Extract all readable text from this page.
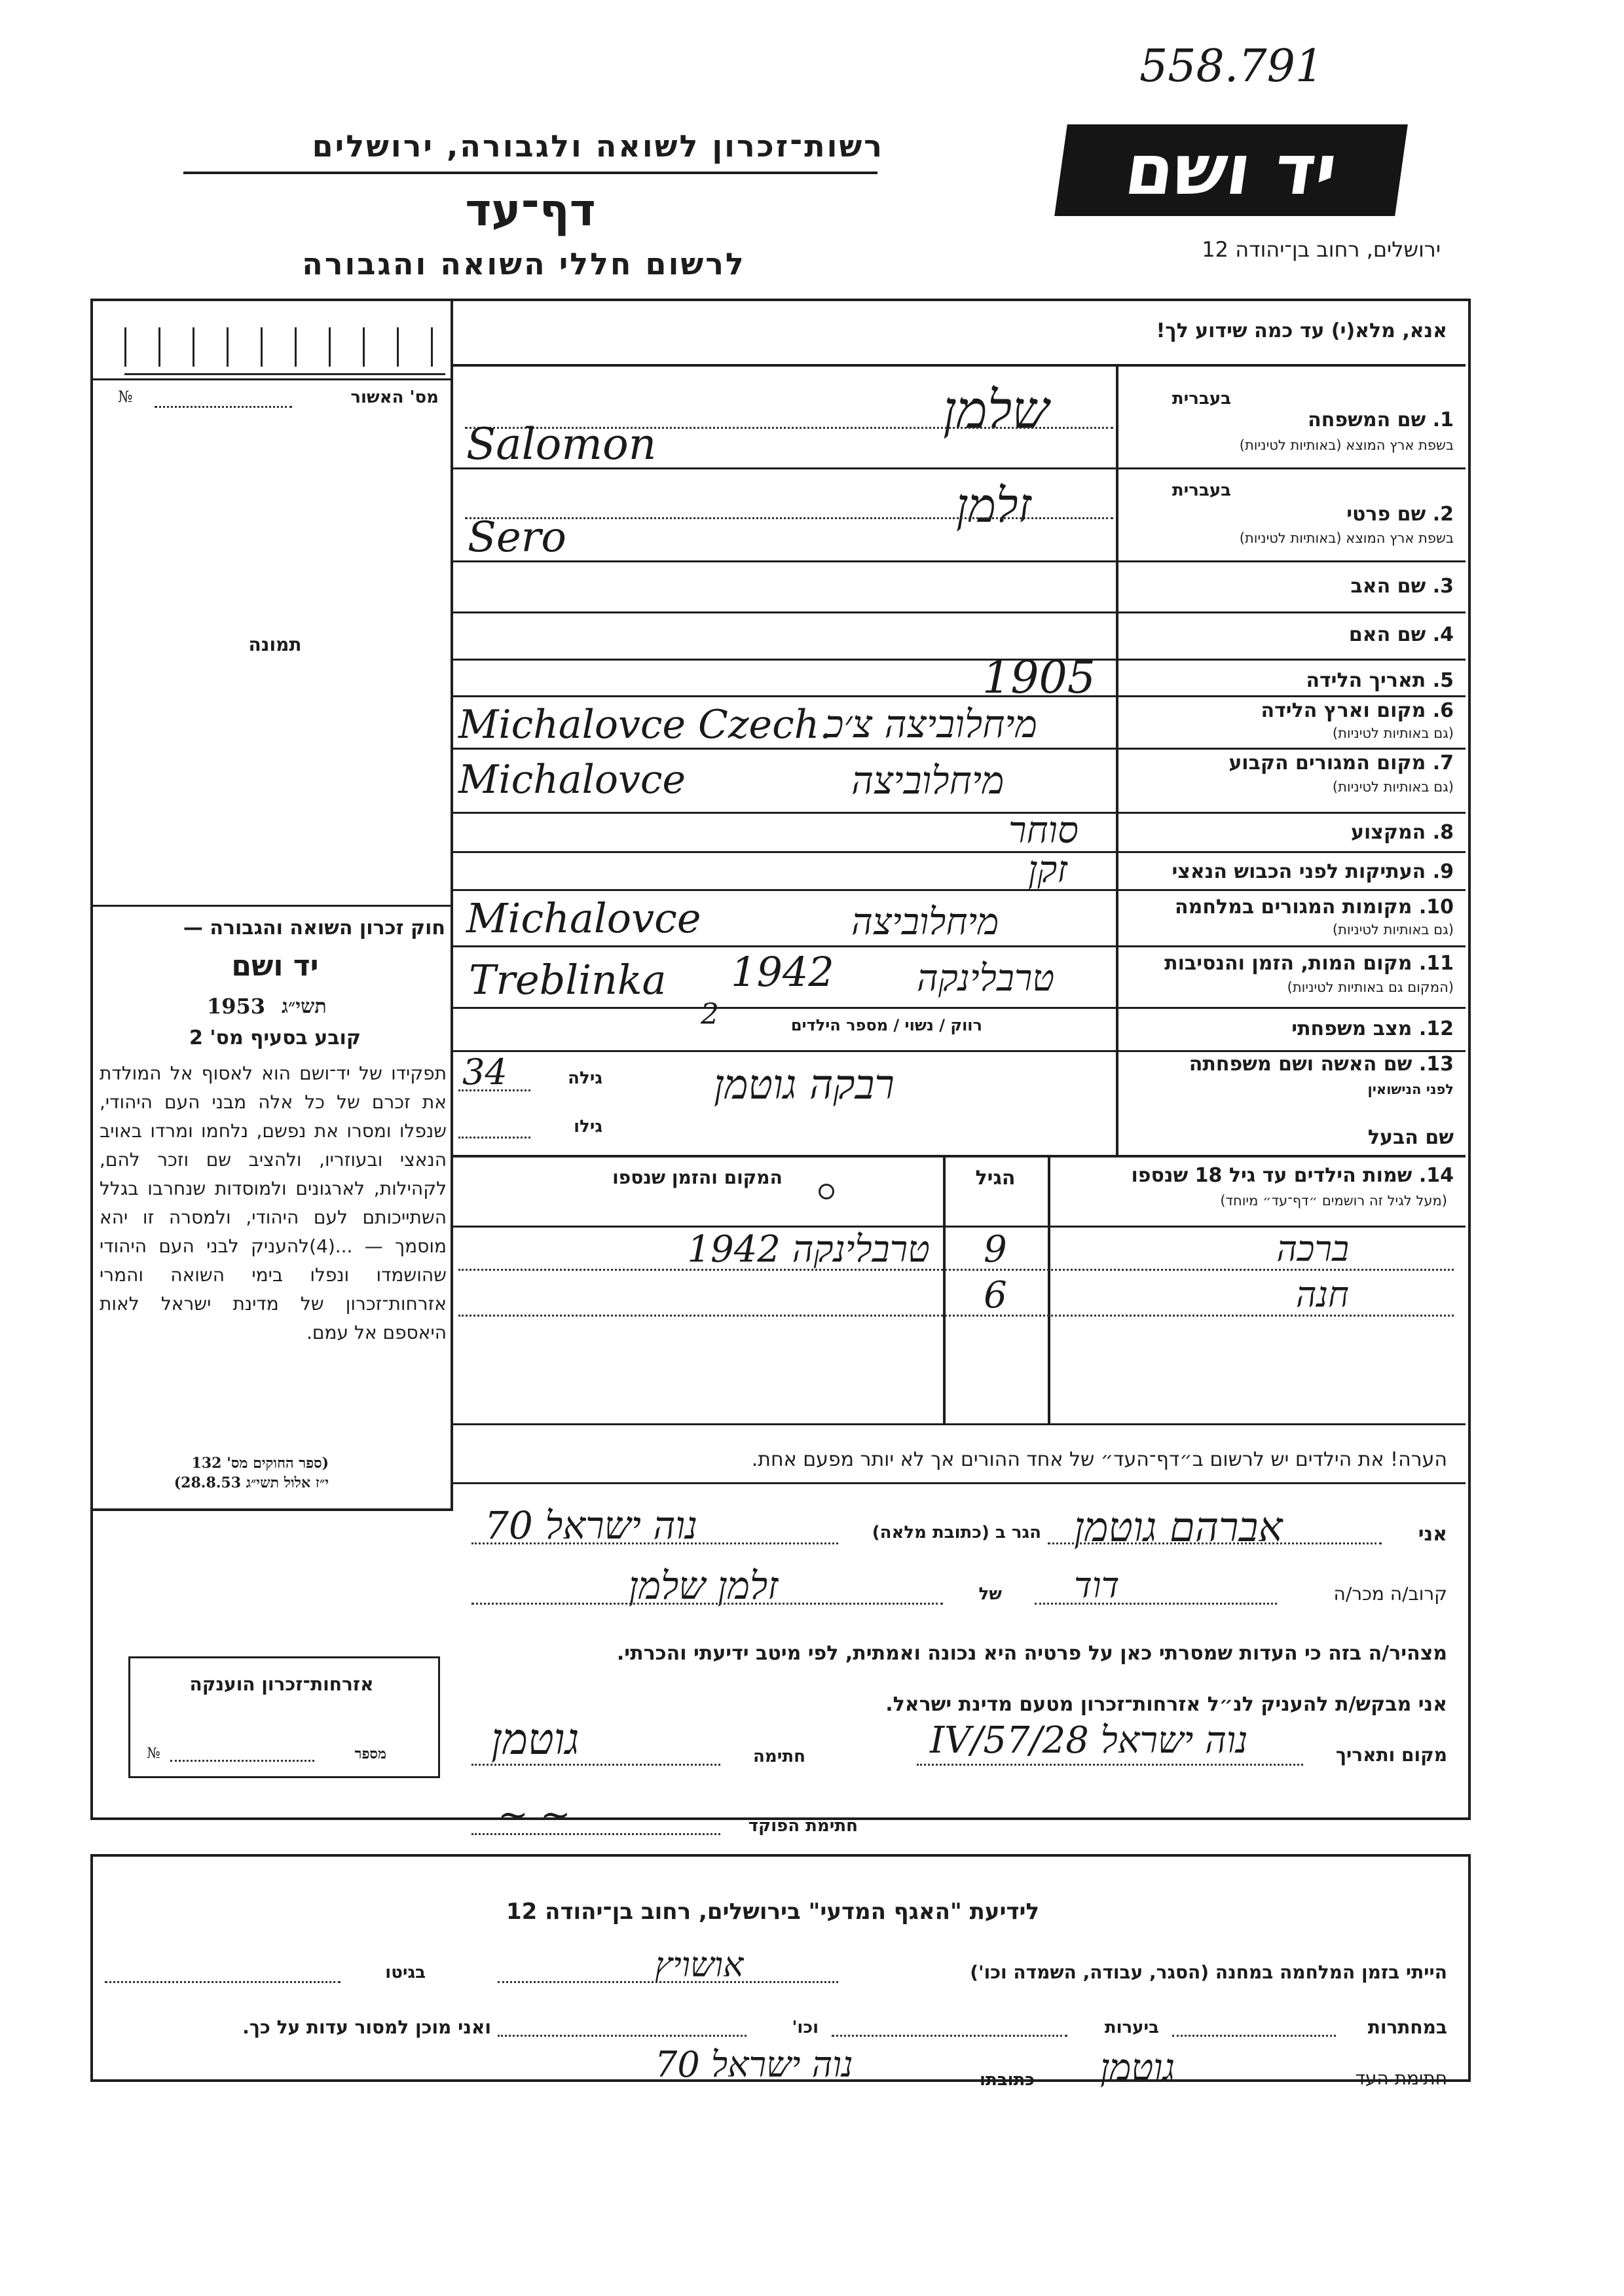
558.791
רשות־זכרון לשואה ולגבורה, ירושלים
דף־עד
לרשום חללי השואה והגבורה
יד ושם
ירושלים, רחוב בן־יהודה 12
מס' האשור
№
תמונה
חוק זכרון השואה והגבורה —
יד ושם
תשי״ג
1953
קובע בסעיף מס' 2
תפקידו של יד־ושם הוא לאסוף אל המולדת את זכרם של כל אלה מבני העם היהודי, שנפלו ומסרו את נפשם, נלחמו ומרדו באויב הנאצי ובעוזריו, ולהציב שם וזכר להם, לקהילות, לארגונים ולמוסדות שנחרבו בגלל השתייכותם לעם היהודי, ולמסרה זו יהא מוסמך — ...(4)להעניק לבני העם היהודי שהושמדו ונפלו בימי השואה והמרי אזרחות־זכרון של מדינת ישראל לאות היאספם אל עמם.
(ספר החוקים מס' 132
י״ז אלול תשי״ג 28.8.53)
אזרחות־זכרון הוענקה
מספר
№
אנא, מלא(י) עד כמה שידוע לך!
בעברית
1. שם המשפחה
בשפת ארץ המוצא (באותיות לטיניות)
שלמן
Salomon
בעברית
2. שם פרטי
בשפת ארץ המוצא (באותיות לטיניות)
זלמן
Sero
3. שם האב
4. שם האם
5. תאריך הלידה
1905
6. מקום וארץ הלידה
(גם באותיות לטיניות)
Michalovce Czech.
מיחלוביצה צ׳כ
7. מקום המגורים הקבוע
(גם באותיות לטיניות)
Michalovce	מיחלוביצה
8. המקצוע
סוחר
9. העתיקות לפני הכבוש הנאצי
זקן
10. מקומות המגורים במלחמה
(גם באותיות לטיניות)
Michalovce	מיחלוביצה
11. מקום המות, הזמן והנסיבות
(המקום גם באותיות לטיניות)
Treblinka 1942 טרבלינקה
12. מצב משפחתי
רווק / נשוי / מספר הילדים
2
13. שם האשה ושם משפחתה
לפני הנישואין
רבקה גוטמן
גילה
34
שם הבעל
גילו
14. שמות הילדים עד גיל 18 שנספו
(מעל לגיל זה רושמים ״דף־עד״ מיוחד)
הגיל
המקום והזמן שנספו
ברכה
9
טרבלינקה 1942
חנה
6
הערה! את הילדים יש לרשום ב״דף־העד״ של אחד ההורים אך לא יותר מפעם אחת.
אני
אברהם גוטמן
הגר ב (כתובת מלאה)
נוה ישראל 70
קרוב/ה מכר/ה
דוד
של
זלמן שלמן
מצהיר/ה בזה כי העדות שמסרתי כאן על פרטיה היא נכונה ואמתית, לפי מיטב ידיעתי והכרתי.
אני מבקש/ת להעניק לנ״ל אזרחות־זכרון מטעם מדינת ישראל.
מקום ותאריך
נוה ישראל 28/IV/57
חתימה
גוטמן
חתימת הפוקד
~ ~
לידיעת "האגף המדעי" בירושלים, רחוב בן־יהודה 12
הייתי בזמן המלחמה במחנה (הסגר, עבודה, השמדה וכו')
אושויץ
בגיטו
במחתרות
ביערות
וכו'
ואני מוכן למסור עדות על כך.
חתימת העד
גוטמן
כתובתו
נוה ישראל 70
